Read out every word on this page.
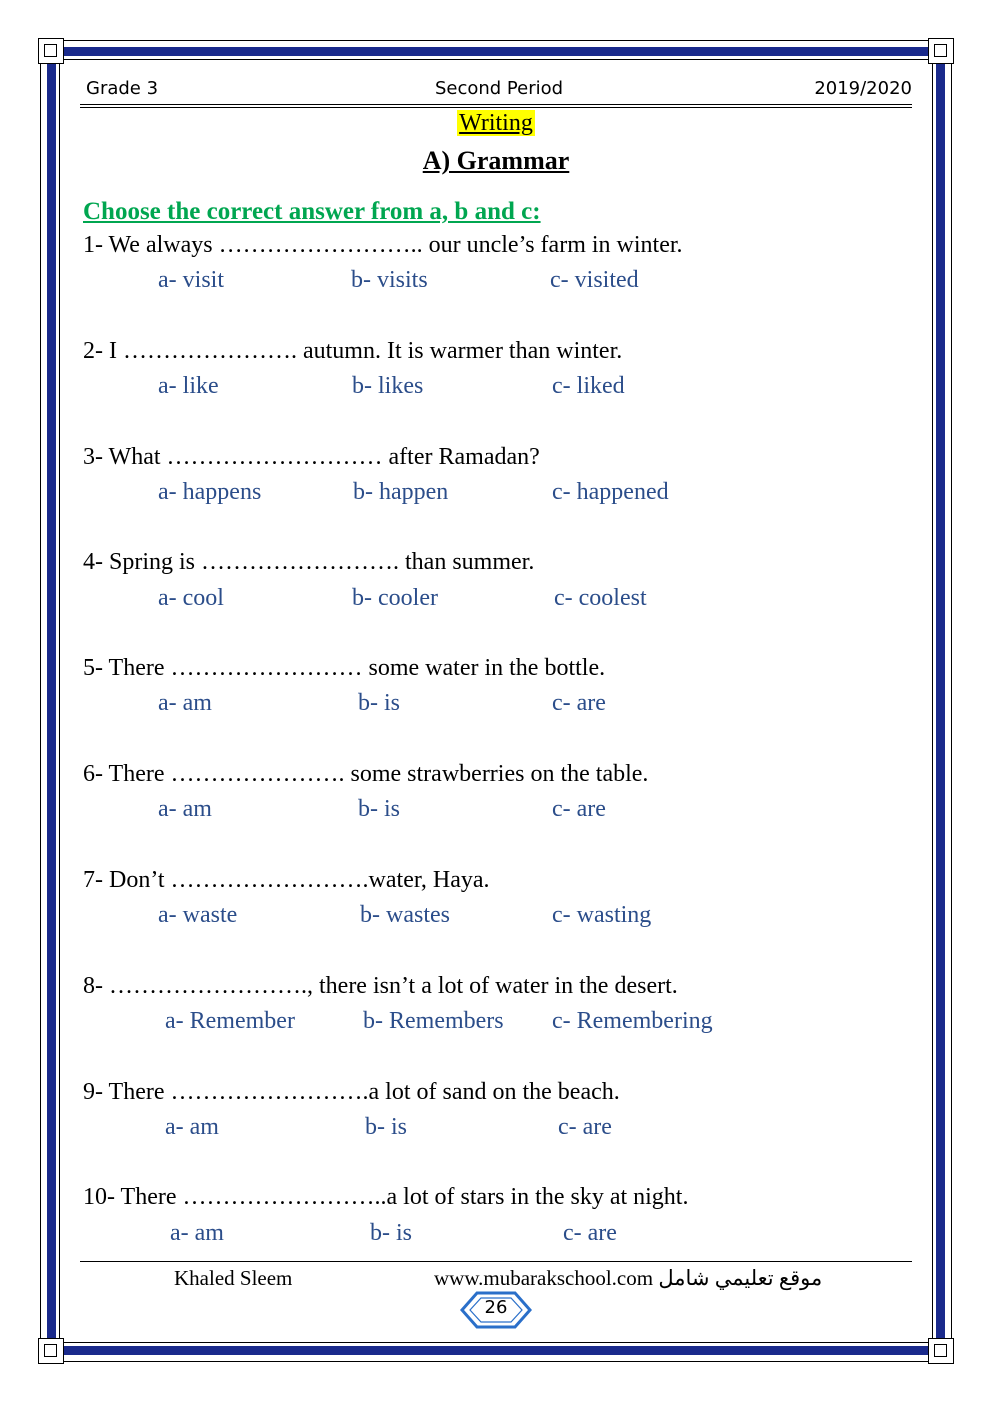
Grade 3	Second Period	2019/2020
Writing
A) Grammar
Choose the correct answer from a, b and c:
1- We always …………………….. our uncle’s farm in winter.
a- visit	b- visits	c- visited
2- I …………………. autumn. It is warmer than winter.
a- like	b- likes	c- liked
3- What ……………………… after Ramadan?
a- happens	b- happen	c- happened
4- Spring is ……………………. than summer.
a- cool	b- cooler	c- coolest
5- There …………………… some water in the bottle.
a- am	b- is	c- are
6- There …………………. some strawberries on the table.
a- am	b- is	c- are
7- Don’t …………………….water, Haya.
a- waste	b- wastes	c- wasting
8- ……………………., there isn’t a lot of water in the desert.
a- Remember	b- Remembers c- Remembering
9- There …………………….a lot of sand on the beach.
a- am	b- is	c- are
10- There ……………………..a lot of stars in the sky at night.
a- am	b- is	c- are
Khaled Sleem	www.mubarakschool.com موقع تعليمي شامل
26
